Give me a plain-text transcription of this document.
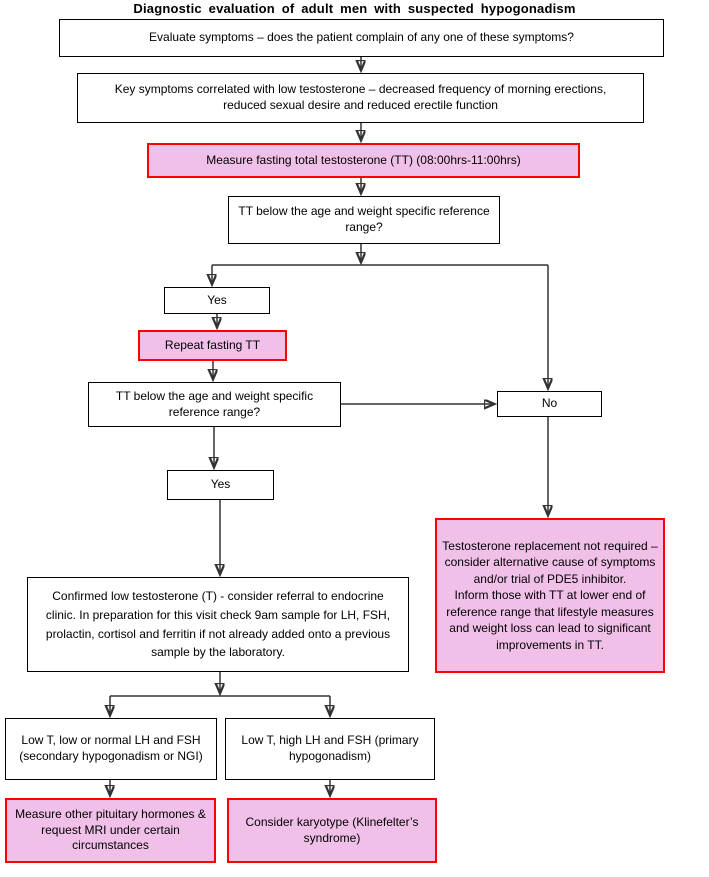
Diagnostic evaluation of adult men with suspected hypogonadism
Evaluate symptoms – does the patient complain of any one of these symptoms?
Key symptoms correlated with low testosterone – decreased frequency of morning erections, reduced sexual desire and reduced erectile function
Measure fasting total testosterone (TT) (08:00hrs-11:00hrs)
TT below the age and weight specific reference range?
Yes
Repeat fasting TT
TT below the age and weight specific reference range?
Yes
No
Confirmed low testosterone (T) - consider referral to endocrine clinic. In preparation for this visit check 9am sample for LH, FSH, prolactin, cortisol and ferritin if not already added onto a previous sample by the laboratory.
Testosterone replacement not required – consider alternative cause of symptoms and/or trial of PDE5 inhibitor.
Inform those with TT at lower end of reference range that lifestyle measures and weight loss can lead to significant improvements in TT.
Low T, low or normal LH and FSH (secondary hypogonadism or NGI)
Low T, high LH and FSH (primary hypogonadism)
Measure other pituitary hormones & request MRI under certain circumstances
Consider karyotype (Klinefelter’s syndrome)
